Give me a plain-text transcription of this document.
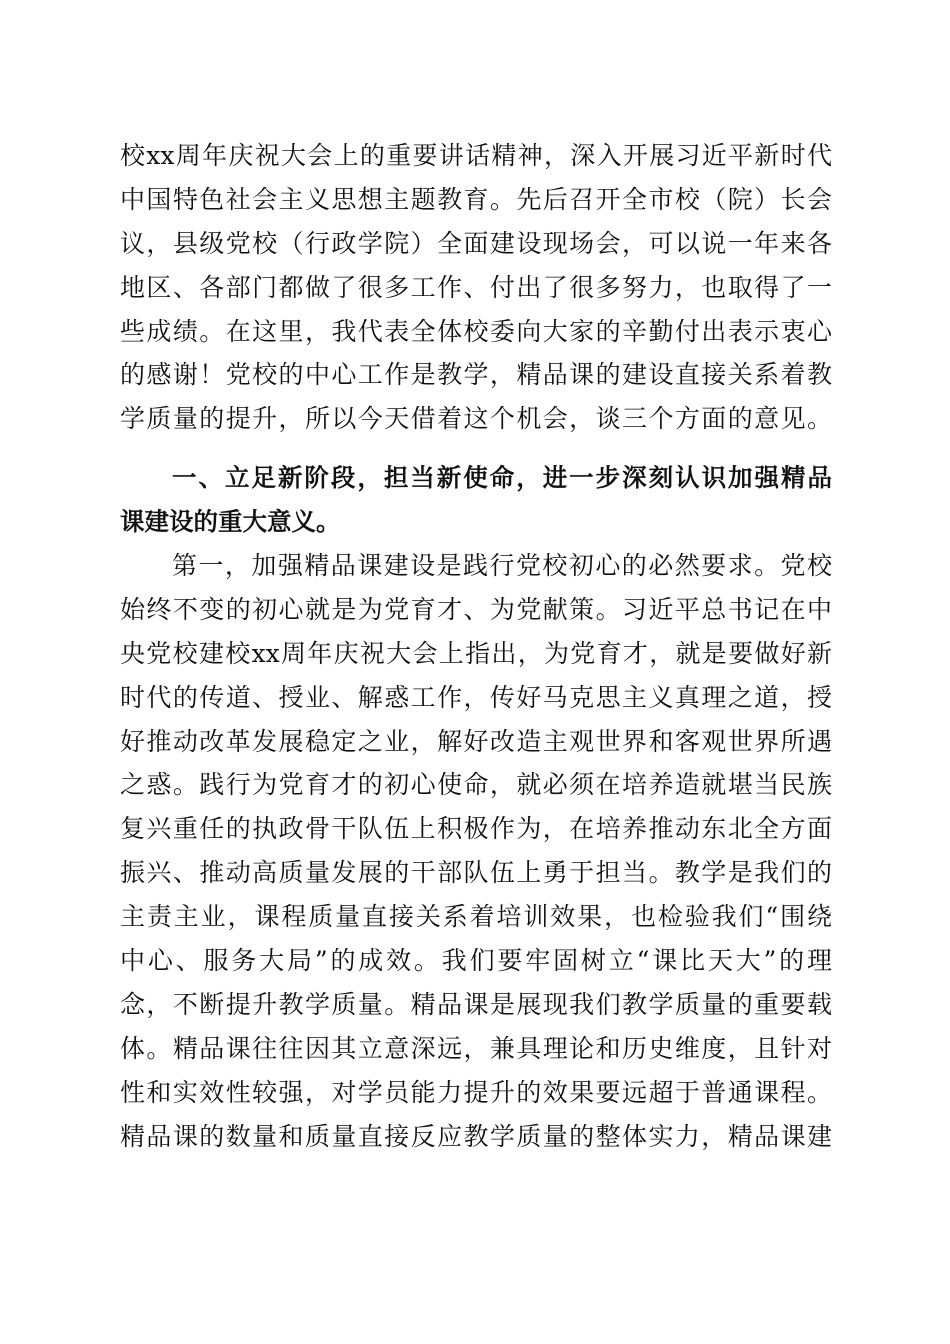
校xx周年庆祝大会上的重要讲话精神，深入开展习近平新时代
中国特色社会主义思想主题教育。先后召开全市校（院）长会
议，县级党校（行政学院）全面建设现场会，可以说一年来各
地区、各部门都做了很多工作、付出了很多努力，也取得了一
些成绩。在这里，我代表全体校委向大家的辛勤付出表示衷心
的感谢！党校的中心工作是教学，精品课的建设直接关系着教
学质量的提升，所以今天借着这个机会，谈三个方面的意见。
一、立足新阶段，担当新使命，进一步深刻认识加强精品
课建设的重大意义。
第一，加强精品课建设是践行党校初心的必然要求。党校
始终不变的初心就是为党育才、为党献策。习近平总书记在中
央党校建校xx周年庆祝大会上指出，为党育才，就是要做好新
时代的传道、授业、解惑工作，传好马克思主义真理之道，授
好推动改革发展稳定之业，解好改造主观世界和客观世界所遇
之惑。践行为党育才的初心使命，就必须在培养造就堪当民族
复兴重任的执政骨干队伍上积极作为，在培养推动东北全方面
振兴、推动高质量发展的干部队伍上勇于担当。教学是我们的
主责主业，课程质量直接关系着培训效果，也检验我们“围绕
中心、服务大局”的成效。我们要牢固树立“课比天大”的理
念，不断提升教学质量。精品课是展现我们教学质量的重要载
体。精品课往往因其立意深远，兼具理论和历史维度，且针对
性和实效性较强，对学员能力提升的效果要远超于普通课程。
精品课的数量和质量直接反应教学质量的整体实力，精品课建
